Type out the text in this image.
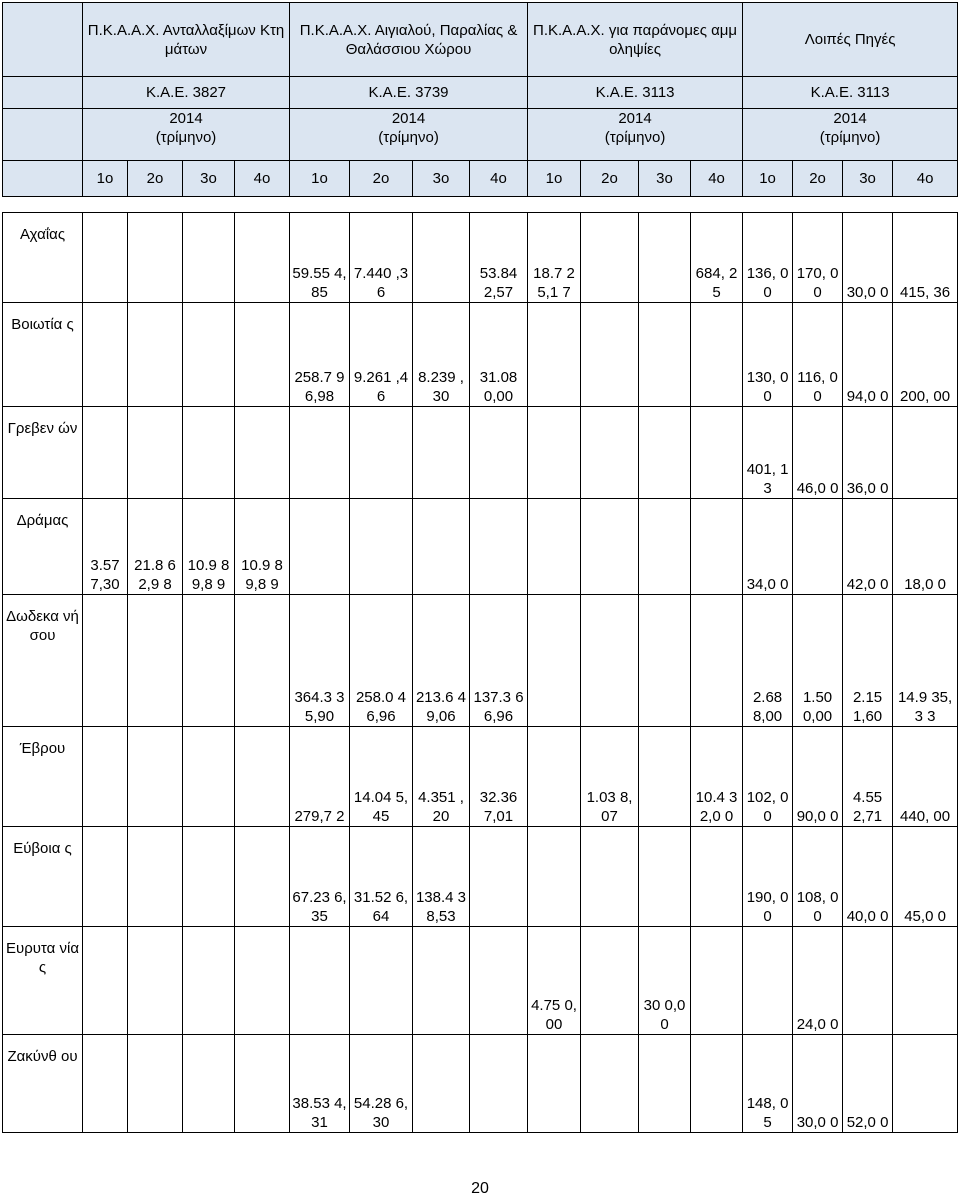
	Π.Κ.Α.Α.Χ. Ανταλλαξίμων Κτημάτων				Π.Κ.Α.Α.Χ. Αιγιαλού, Παραλίας & Θαλάσσιου Χώρου				Π.Κ.Α.Α.Χ. για παράνομες αμμοληψίες				Λοιπές Πηγές			
	Κ.Α.Ε. 3827				Κ.Α.Ε. 3739				Κ.Α.Ε. 3113				Κ.Α.Ε. 3113			
	2014
(τρίμηνο)				2014
(τρίμηνο)				2014
(τρίμηνο)				2014
(τρίμηνο)			
	1ο	2ο	3ο	4ο	1ο	2ο	3ο	4ο	1ο	2ο	3ο	4ο	1ο	2ο	3ο	4ο

Αχαΐας					59.55 4,85	7.440 ,36		53.84 2,57	18.7 25,1 7			684, 25	136, 00	170, 00	30,0 0	415, 36
Βοιωτία ς					258.7 96,98	9.261 ,46	8.239 ,30	31.08 0,00					130, 00	116, 00	94,0 0	200, 00
Γρεβεν ών													401, 13	46,0 0	36,0 0	
Δράμας	3.57 7,30	21.8 62,9 8	10.9 89,8 9	10.9 89,8 9									34,0 0		42,0 0	18,0 0
Δωδεκα νήσου					364.3 35,90	258.0 46,96	213.6 49,06	137.3 66,96					2.68 8,00	1.50 0,00	2.15 1,60	14.9 35,3 3
Έβρου					279,7 2	14.04 5,45	4.351 ,20	32.36 7,01		1.03 8,07		10.4 32,0 0	102, 00	90,0 0	4.55 2,71	440, 00
Εύβοια ς					67.23 6,35	31.52 6,64	138.4 38,53						190, 00	108, 00	40,0 0	45,0 0
Ευρυτα νίας									4.75 0,00		30 0,0 0			24,0 0		
Ζακύνθ ου					38.53 4,31	54.28 6,30							148, 05	30,0 0	52,0 0	
20
